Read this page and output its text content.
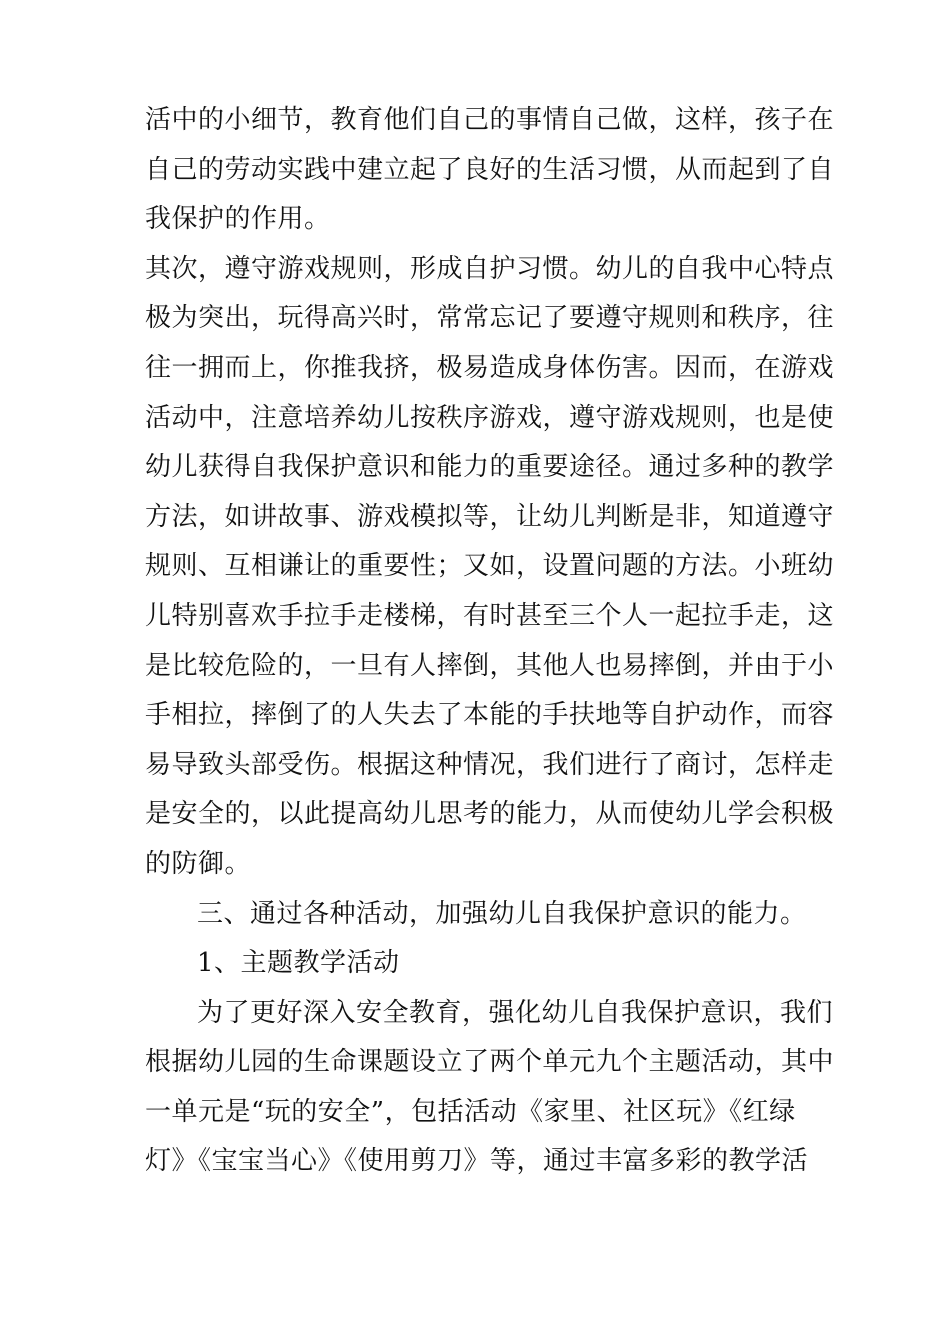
活中的小细节，教育他们自己的事情自己做，这样，孩子在
自己的劳动实践中建立起了良好的生活习惯，从而起到了自
我保护的作用。
其次，遵守游戏规则，形成自护习惯。幼儿的自我中心特点
极为突出，玩得高兴时，常常忘记了要遵守规则和秩序，往
往一拥而上，你推我挤，极易造成身体伤害。因而，在游戏
活动中，注意培养幼儿按秩序游戏，遵守游戏规则，也是使
幼儿获得自我保护意识和能力的重要途径。通过多种的教学
方法，如讲故事、游戏模拟等，让幼儿判断是非，知道遵守
规则、互相谦让的重要性；又如，设置问题的方法。小班幼
儿特别喜欢手拉手走楼梯，有时甚至三个人一起拉手走，这
是比较危险的，一旦有人摔倒，其他人也易摔倒，并由于小
手相拉，摔倒了的人失去了本能的手扶地等自护动作，而容
易导致头部受伤。根据这种情况，我们进行了商讨，怎样走
是安全的，以此提高幼儿思考的能力，从而使幼儿学会积极
的防御。
三、通过各种活动，加强幼儿自我保护意识的能力。
1、主题教学活动
为了更好深入安全教育，强化幼儿自我保护意识，我们
根据幼儿园的生命课题设立了两个单元九个主题活动，其中
一单元是“玩的安全”，包括活动《家里、社区玩》《红绿
灯》《宝宝当心》《使用剪刀》等，通过丰富多彩的教学活
